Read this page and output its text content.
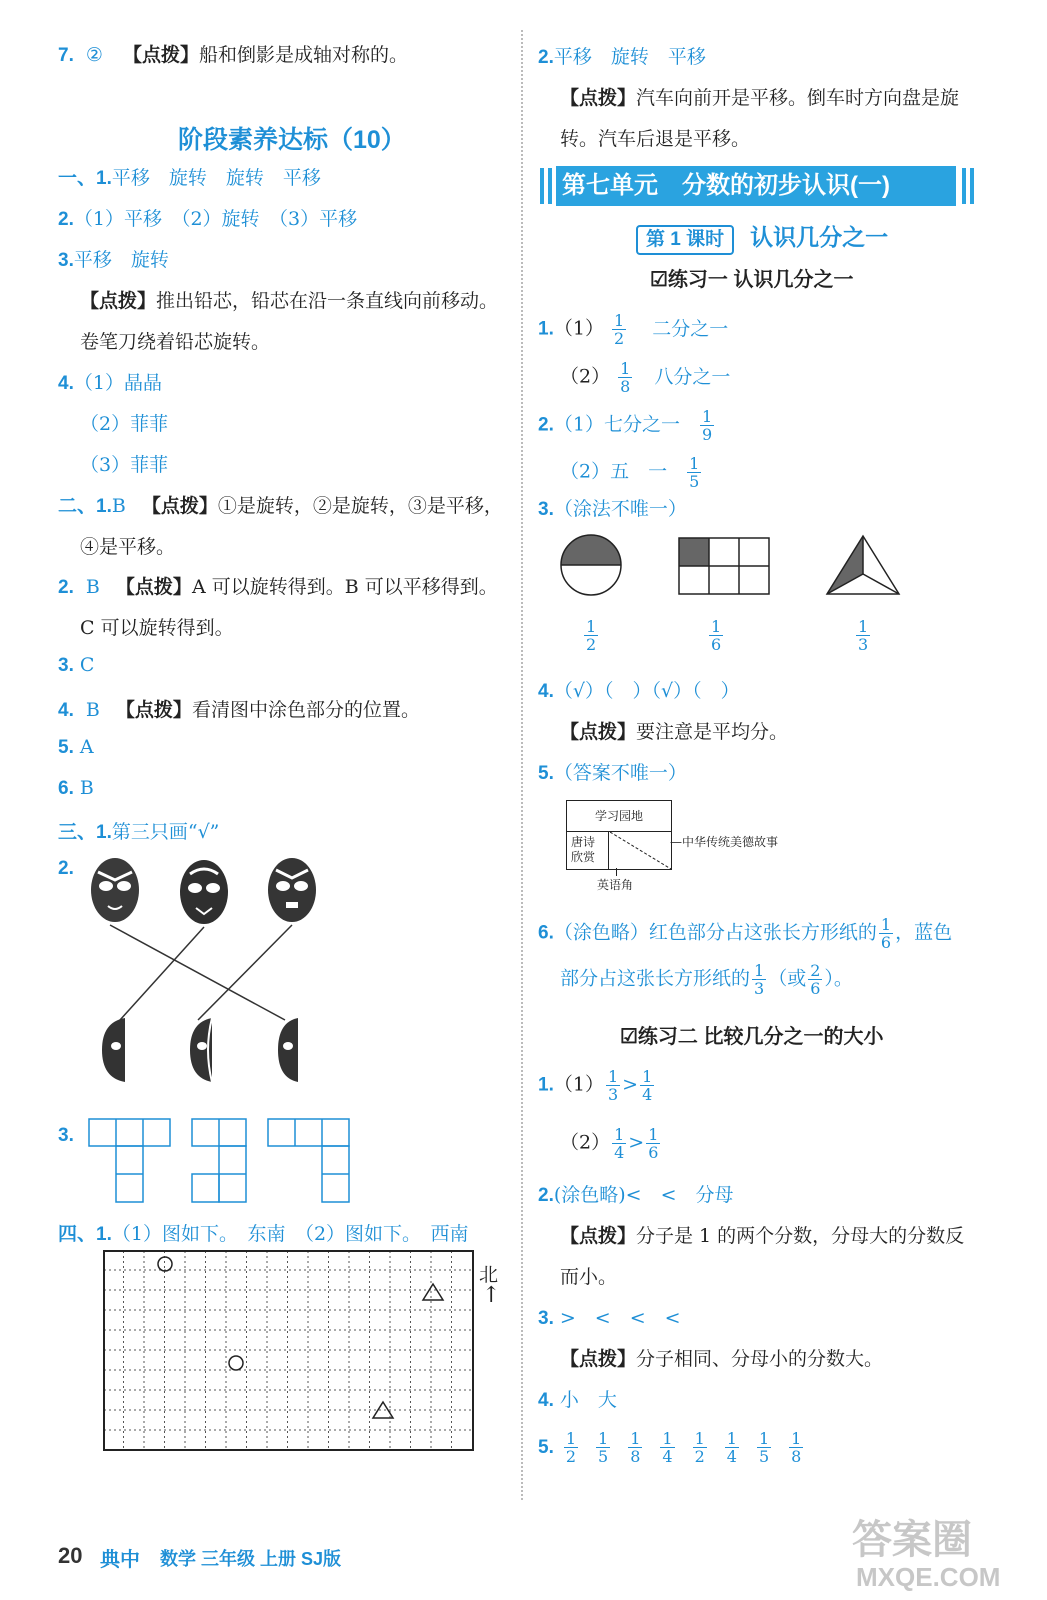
7. ② 【点拨】船和倒影是成轴对称的。
阶段素养达标（10）
一、1.平移　旋转　旋转　平移
2.（1）平移　（2）旋转　（3）平移
3.平移　旋转
【点拨】推出铅芯，铅芯在沿一条直线向前移动。
卷笔刀绕着铅芯旋转。
4.（1）晶晶
（2）菲菲
（3）菲菲
二、1.B 【点拨】①是旋转，②是旋转，③是平移，
④是平移。
2. B 【点拨】A 可以旋转得到。B 可以平移得到。
C 可以旋转得到。
3. C
4. B 【点拨】看清图中涂色部分的位置。
5. A
6. B
三、1.第三只画“√”
2.
3.
四、1.（1）图如下。　东南　（2）图如下。　西南
北
↑
2.平移　旋转　平移
【点拨】汽车向前开是平移。倒车时方向盘是旋
转。汽车后退是平移。
第七单元　分数的初步认识(一)
第 1 课时 认识几分之一
☑练习一 认识几分之一
$1.(1) \frac{1}{2}$ 二分之一
$(2) \frac{1}{8}$ 八分之一
2.（1）七分之一 $\frac{1}{9}$
（2）五　一 $\frac{1}{5}$
3.（涂法不唯一）
$\frac{1}{2}$	$\frac{1}{6}$	$\frac{1}{3}$
4.（√）（　）（√）（　）
【点拨】要注意是平均分。
5.（答案不唯一）
学习园地
唐诗
欣赏
—中华传统美德故事
英语角
6.（涂色略）红色部分占这张长方形纸的 $\frac{1}{6}$ ，蓝色
部分占这张长方形纸的 $\frac{1}{3}$ （或 $\frac{2}{6}$ ）。
☑练习二 比较几分之一的大小
$1.(1) \frac{1}{3} > \frac{1}{4}$
$(2) \frac{1}{4} > \frac{1}{6}$
2.(涂色略)<　<　分母
【点拨】分子是 1 的两个分数，分母大的分数反
而小。
3. >　<　<　<
【点拨】分子相同、分母小的分数大。
4. 小　大
5. $\frac{1}{2} \frac{1}{5} \frac{1}{8} \frac{1}{4} \frac{1}{2} \frac{1}{4} \frac{1}{5} \frac{1}{8}$
20 典中 数学 三年级 上册 SJ版	答案圈
MXQE.COM
